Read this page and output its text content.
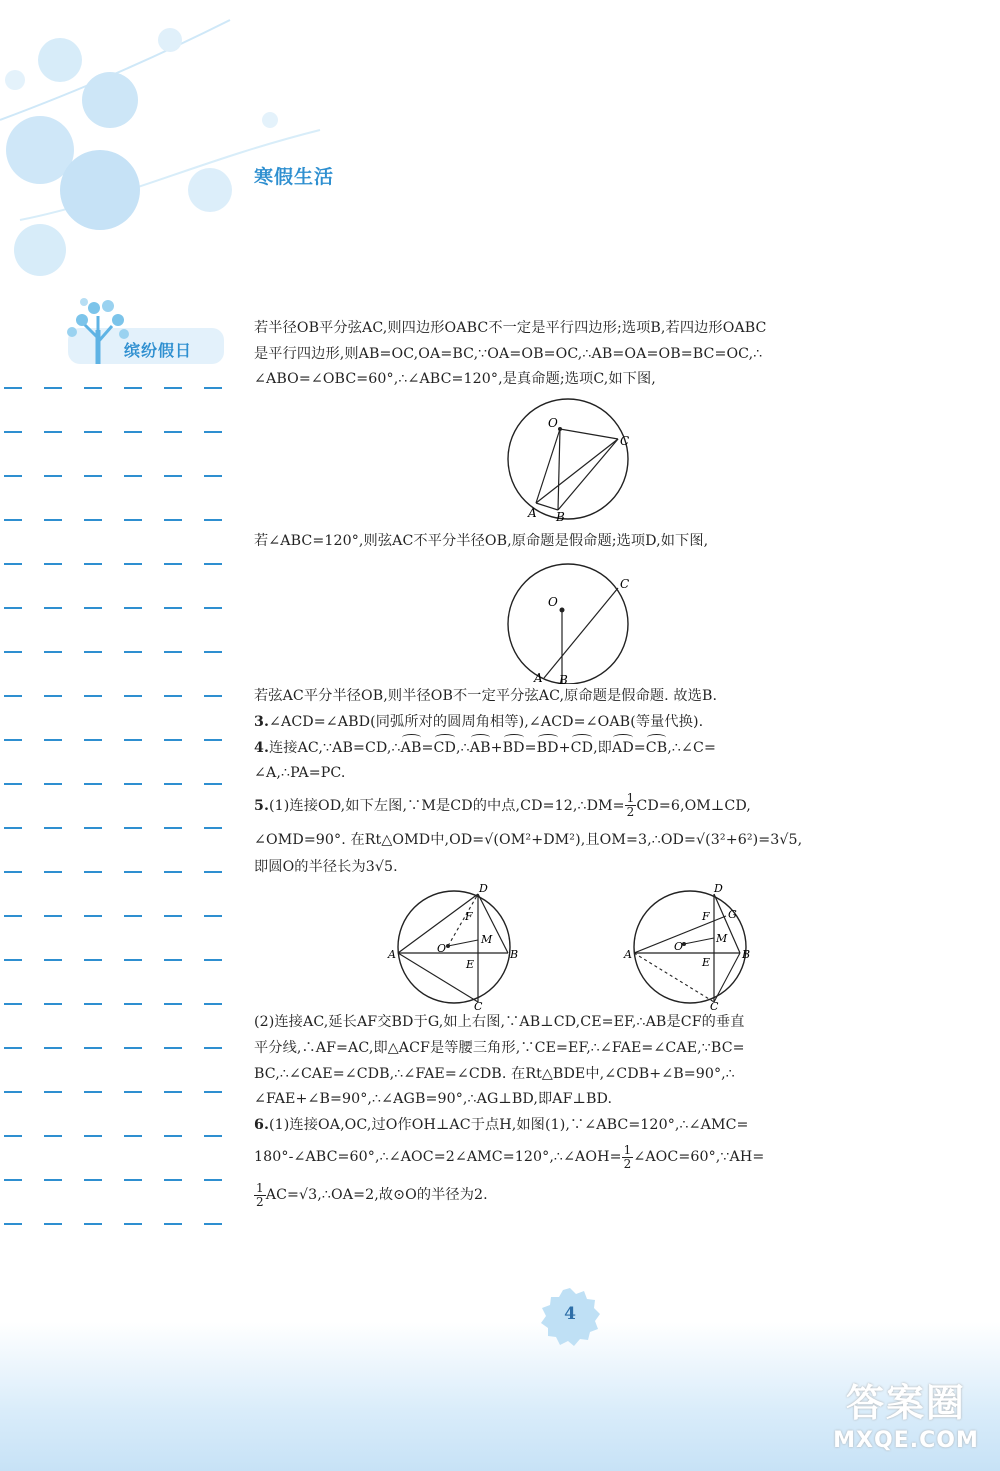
寒假生活
缤纷假日

若半径OB平分弦AC,则四边形OABC不一定是平行四边形;选项B,若四边形OABC

是平行四边形,则AB=OC,OA=BC,∵OA=OB=OC,∴AB=OA=OB=BC=OC,∴

∠ABO=∠OBC=60°,∴∠ABC=120°,是真命题;选项C,如下图,

O
A B
C

若∠ABC=120°,则弦AC不平分半径OB,原命题是假命题;选项D,如下图,

O
A B
C

若弦AC平分半径OB,则半径OB不一定平分弦AC,原命题是假命题. 故选B.

3.∠ACD=∠ABD(同弧所对的圆周角相等),∠ACD=∠OAB(等量代换).

4.连接AC,∵AB=CD,∴AB=CD,∴AB+BD=BD+CD,即AD=CB,∴∠C=

∠A,∴PA=PC.

5.(1)连接OD,如下左图,∵M是CD的中点,CD=12,∴DM= $\frac{1}{2}$ CD=6,OM⊥CD,

∠OMD=90°. 在Rt△OMD中,OD=√(OM²+DM²),且OM=3,∴OD=√(3²+6²)=3√5,

即圆O的半径长为3√5.

D
A	O
F
M
E
B
C
D
F G
A
O
M
E
B
C

(2)连接AC,延长AF交BD于G,如上右图,∵AB⊥CD,CE=EF,∴AB是CF的垂直

平分线,∴AF=AC,即△ACF是等腰三角形,∵CE=EF,∴∠FAE=∠CAE,∵BC=

BC,∴∠CAE=∠CDB,∴∠FAE=∠CDB. 在Rt△BDE中,∠CDB+∠B=90°,∴

∠FAE+∠B=90°,∴∠AGB=90°,∴AG⊥BD,即AF⊥BD.

6.(1)连接OA,OC,过O作OH⊥AC于点H,如图(1),∵∠ABC=120°,∴∠AMC=

180°-∠ABC=60°,∴∠AOC=2∠AMC=120°,∴∠AOH= $\frac{1}{2}$ ∠AOC=60°,∵AH=

$\frac{1}{2}$ AC=√3,∴OA=2,故⊙O的半径为2.

4
答案圈
MXQE.COM
